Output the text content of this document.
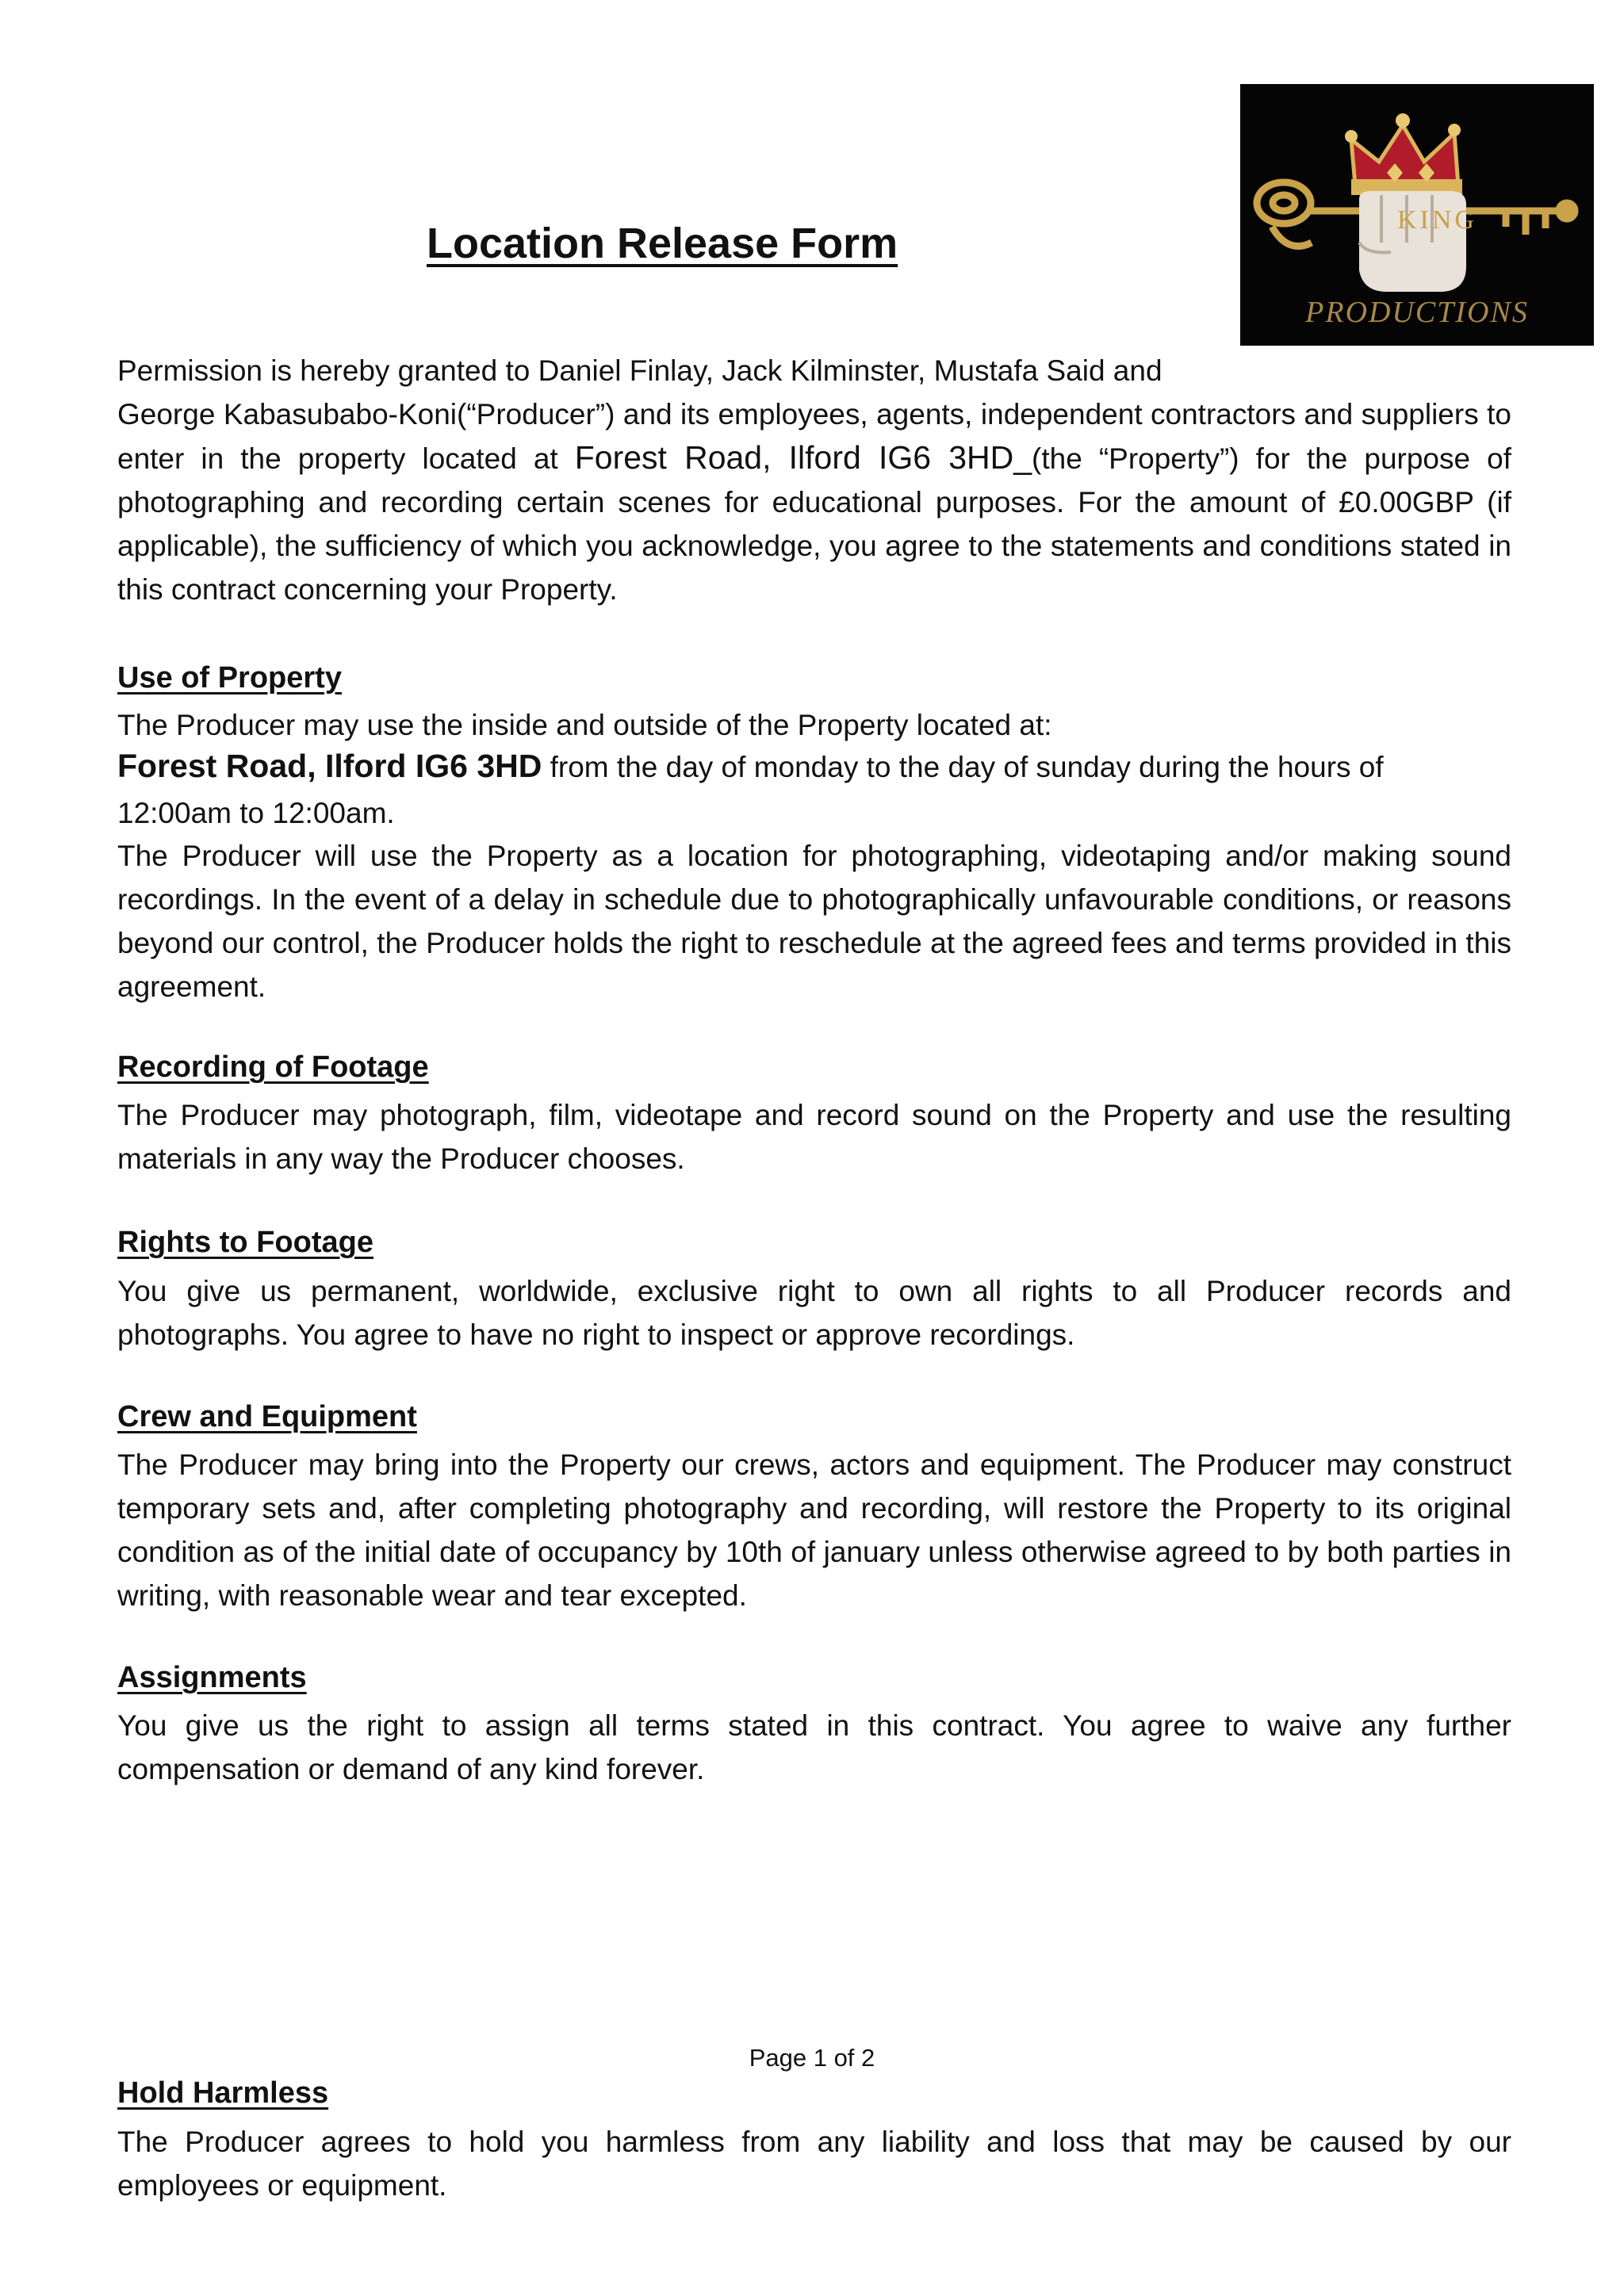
KING
PRODUCTIONS
Location Release Form

Permission is hereby granted to Daniel Finlay, Jack Kilminster, Mustafa Said and

George Kabasubabo-Koni(“Producer”) and its employees, agents, independent contractors and suppliers to enter in the property located at Forest Road, Ilford IG6 3HD_(the “Property”) for the purpose of photographing and recording certain scenes for educational purposes. For the amount of £0.00GBP (if applicable), the sufficiency of which you acknowledge, you agree to the statements and conditions stated in this contract concerning your Property.

Use of Property

The Producer may use the inside and outside of the Property located at:

Forest Road, Ilford IG6 3HD from the day of monday to the day of sunday during the hours of

12:00am to 12:00am.

The Producer will use the Property as a location for photographing, videotaping and/or making sound recordings. In the event of a delay in schedule due to photographically unfavourable conditions, or reasons beyond our control, the Producer holds the right to reschedule at the agreed fees and terms provided in this agreement.

Recording of Footage

The Producer may photograph, film, videotape and record sound on the Property and use the resulting materials in any way the Producer chooses.

Rights to Footage

You give us permanent, worldwide, exclusive right to own all rights to all Producer records and photographs. You agree to have no right to inspect or approve recordings.

Crew and Equipment

The Producer may bring into the Property our crews, actors and equipment. The Producer may construct temporary sets and, after completing photography and recording, will restore the Property to its original condition as of the initial date of occupancy by 10th of january unless otherwise agreed to by both parties in writing, with reasonable wear and tear excepted.

Assignments

You give us the right to assign all terms stated in this contract. You agree to waive any further compensation or demand of any kind forever.

Page 1 of 2
Hold Harmless

The Producer agrees to hold you harmless from any liability and loss that may be caused by our employees or equipment.
